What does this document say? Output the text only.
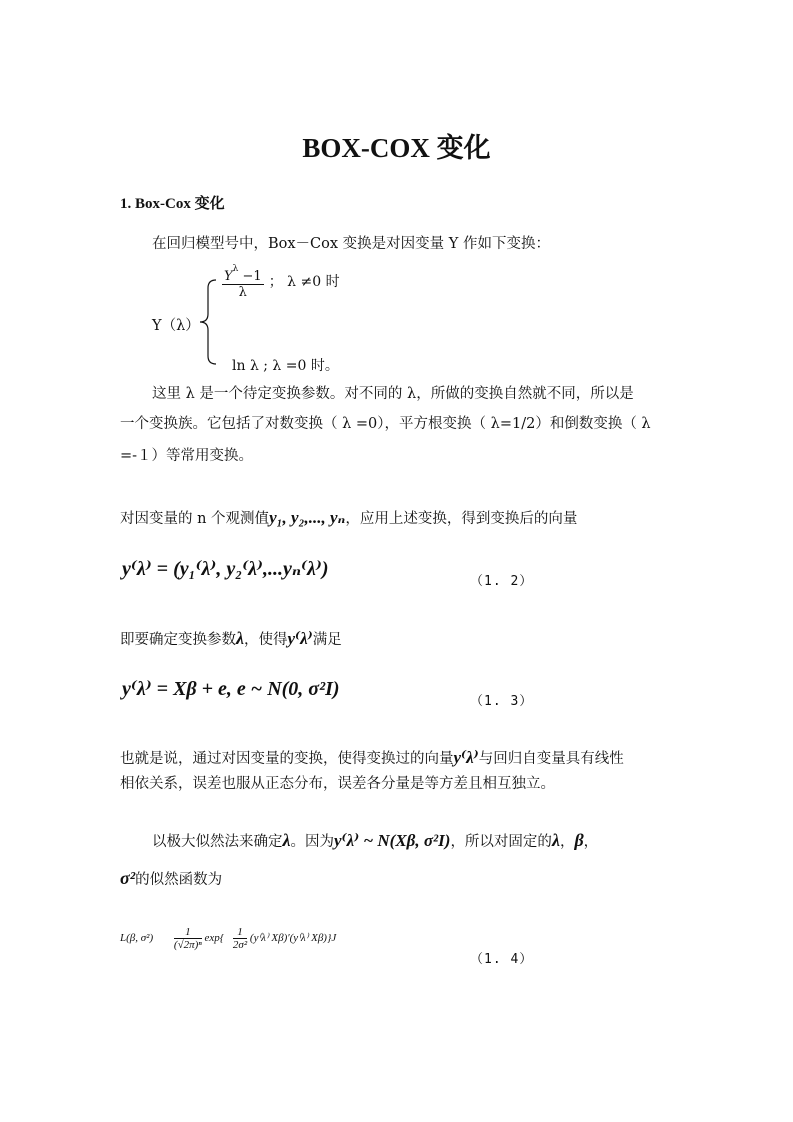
BOX-COX 变化
1. Box-Cox 变化
在回归模型号中，Box－Cox 变换是对因变量 Y 作如下变换：
Y（λ）
$\frac{Y^\lambda -1}{\lambda}$ ； λ ≠0 时
ln λ ; λ =0 时。
这里 λ 是一个待定变换参数。对不同的 λ，所做的变换自然就不同，所以是
一个变换族。它包括了对数变换（ λ =0），平方根变换（ λ=1/2）和倒数变换（ λ
=-１）等常用变换。
对因变量的 n 个观测值y₁, y₂,..., yₙ，应用上述变换，得到变换后的向量
y⁽λ⁾ = (y₁⁽λ⁾, y₂⁽λ⁾,...yₙ⁽λ⁾)
（1. 2）
即要确定变换参数λ，使得y⁽λ⁾满足
y⁽λ⁾ = Xβ + e, e ~ N(0, σ²I)
（1. 3）
也就是说，通过对因变量的变换，使得变换过的向量y⁽λ⁾与回归自变量具有线性
相依关系，误差也服从正态分布，误差各分量是等方差且相互独立。
以极大似然法来确定λ。因为y⁽λ⁾ ~ N(Xβ, σ²I)，所以对固定的λ，β，
σ²的似然函数为
L(β, $\sigma^2) \frac{1}{\text{(√2π)ⁿ}} \exp\{ \frac{1}{\text{2σ²}} (y^(\lambda^)$ Xβ)′(y⁽λ⁾ Xβ)}J
（1. 4）
